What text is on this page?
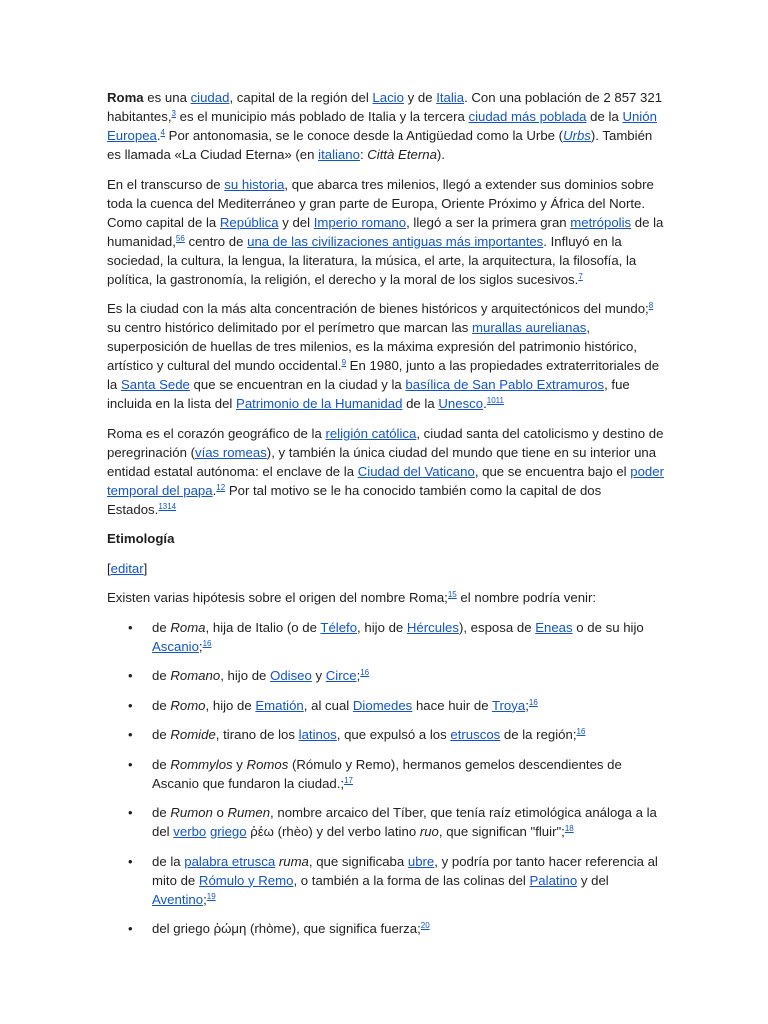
Roma es una ciudad, capital de la región del Lacio y de Italia. Con una población de 2 857 321 habitantes,$^3$ es el municipio más poblado de Italia y la tercera ciudad más poblada de la Unión Europea.$^4$ Por antonomasia, se le conoce desde la Antigüedad como la Urbe (Urbs). También es llamada «La Ciudad Eterna» (en italiano: Città Eterna).

En el transcurso de su historia, que abarca tres milenios, llegó a extender sus dominios sobre toda la cuenca del Mediterráneo y gran parte de Europa, Oriente Próximo y África del Norte. Como capital de la República y del Imperio romano, llegó a ser la primera gran metrópolis de la humanidad,$^{56}$ centro de una de las civilizaciones antiguas más importantes. Influyó en la sociedad, la cultura, la lengua, la literatura, la música, el arte, la arquitectura, la filosofía, la política, la gastronomía, la religión, el derecho y la moral de los siglos sucesivos.$^7$

Es la ciudad con la más alta concentración de bienes históricos y arquitectónicos del mundo;$^8$ su centro histórico delimitado por el perímetro que marcan las murallas aurelianas, superposición de huellas de tres milenios, es la máxima expresión del patrimonio histórico, artístico y cultural del mundo occidental.$^9$ En 1980, junto a las propiedades extraterritoriales de la Santa Sede que se encuentran en la ciudad y la basílica de San Pablo Extramuros, fue incluida en la lista del Patrimonio de la Humanidad de la Unesco.$^{1011}$

Roma es el corazón geográfico de la religión católica, ciudad santa del catolicismo y destino de peregrinación (vías romeas), y también la única ciudad del mundo que tiene en su interior una entidad estatal autónoma: el enclave de la Ciudad del Vaticano, que se encuentra bajo el poder temporal del papa.$^{12}$ Por tal motivo se le ha conocido también como la capital de dos Estados.$^{1314}$

Etimología

[editar]

Existen varias hipótesis sobre el origen del nombre Roma;$^{15}$ el nombre podría venir:

• de Roma, hija de Italio (o de Télefo, hijo de Hércules), esposa de Eneas o de su hijo Ascanio;$^{16}$
• de Romano, hijo de Odiseo y Circe;$^{16}$
• de Romo, hijo de Ematión, al cual Diomedes hace huir de Troya;$^{16}$
• de Romide, tirano de los latinos, que expulsó a los etruscos de la región;$^{16}$
• de Rommylos y Romos (Rómulo y Remo), hermanos gemelos descendientes de Ascanio que fundaron la ciudad.;$^{17}$
• de Rumon o Rumen, nombre arcaico del Tíber, que tenía raíz etimológica análoga a la del verbo griego ῥέω (rhèo) y del verbo latino ruo, que significan "fluir";$^{18}$
• de la palabra etrusca ruma, que significaba ubre, y podría por tanto hacer referencia al mito de Rómulo y Remo, o también a la forma de las colinas del Palatino y del Aventino;$^{19}$
• del griego ῥώμη (rhòme), que significa fuerza;$^{20}$
